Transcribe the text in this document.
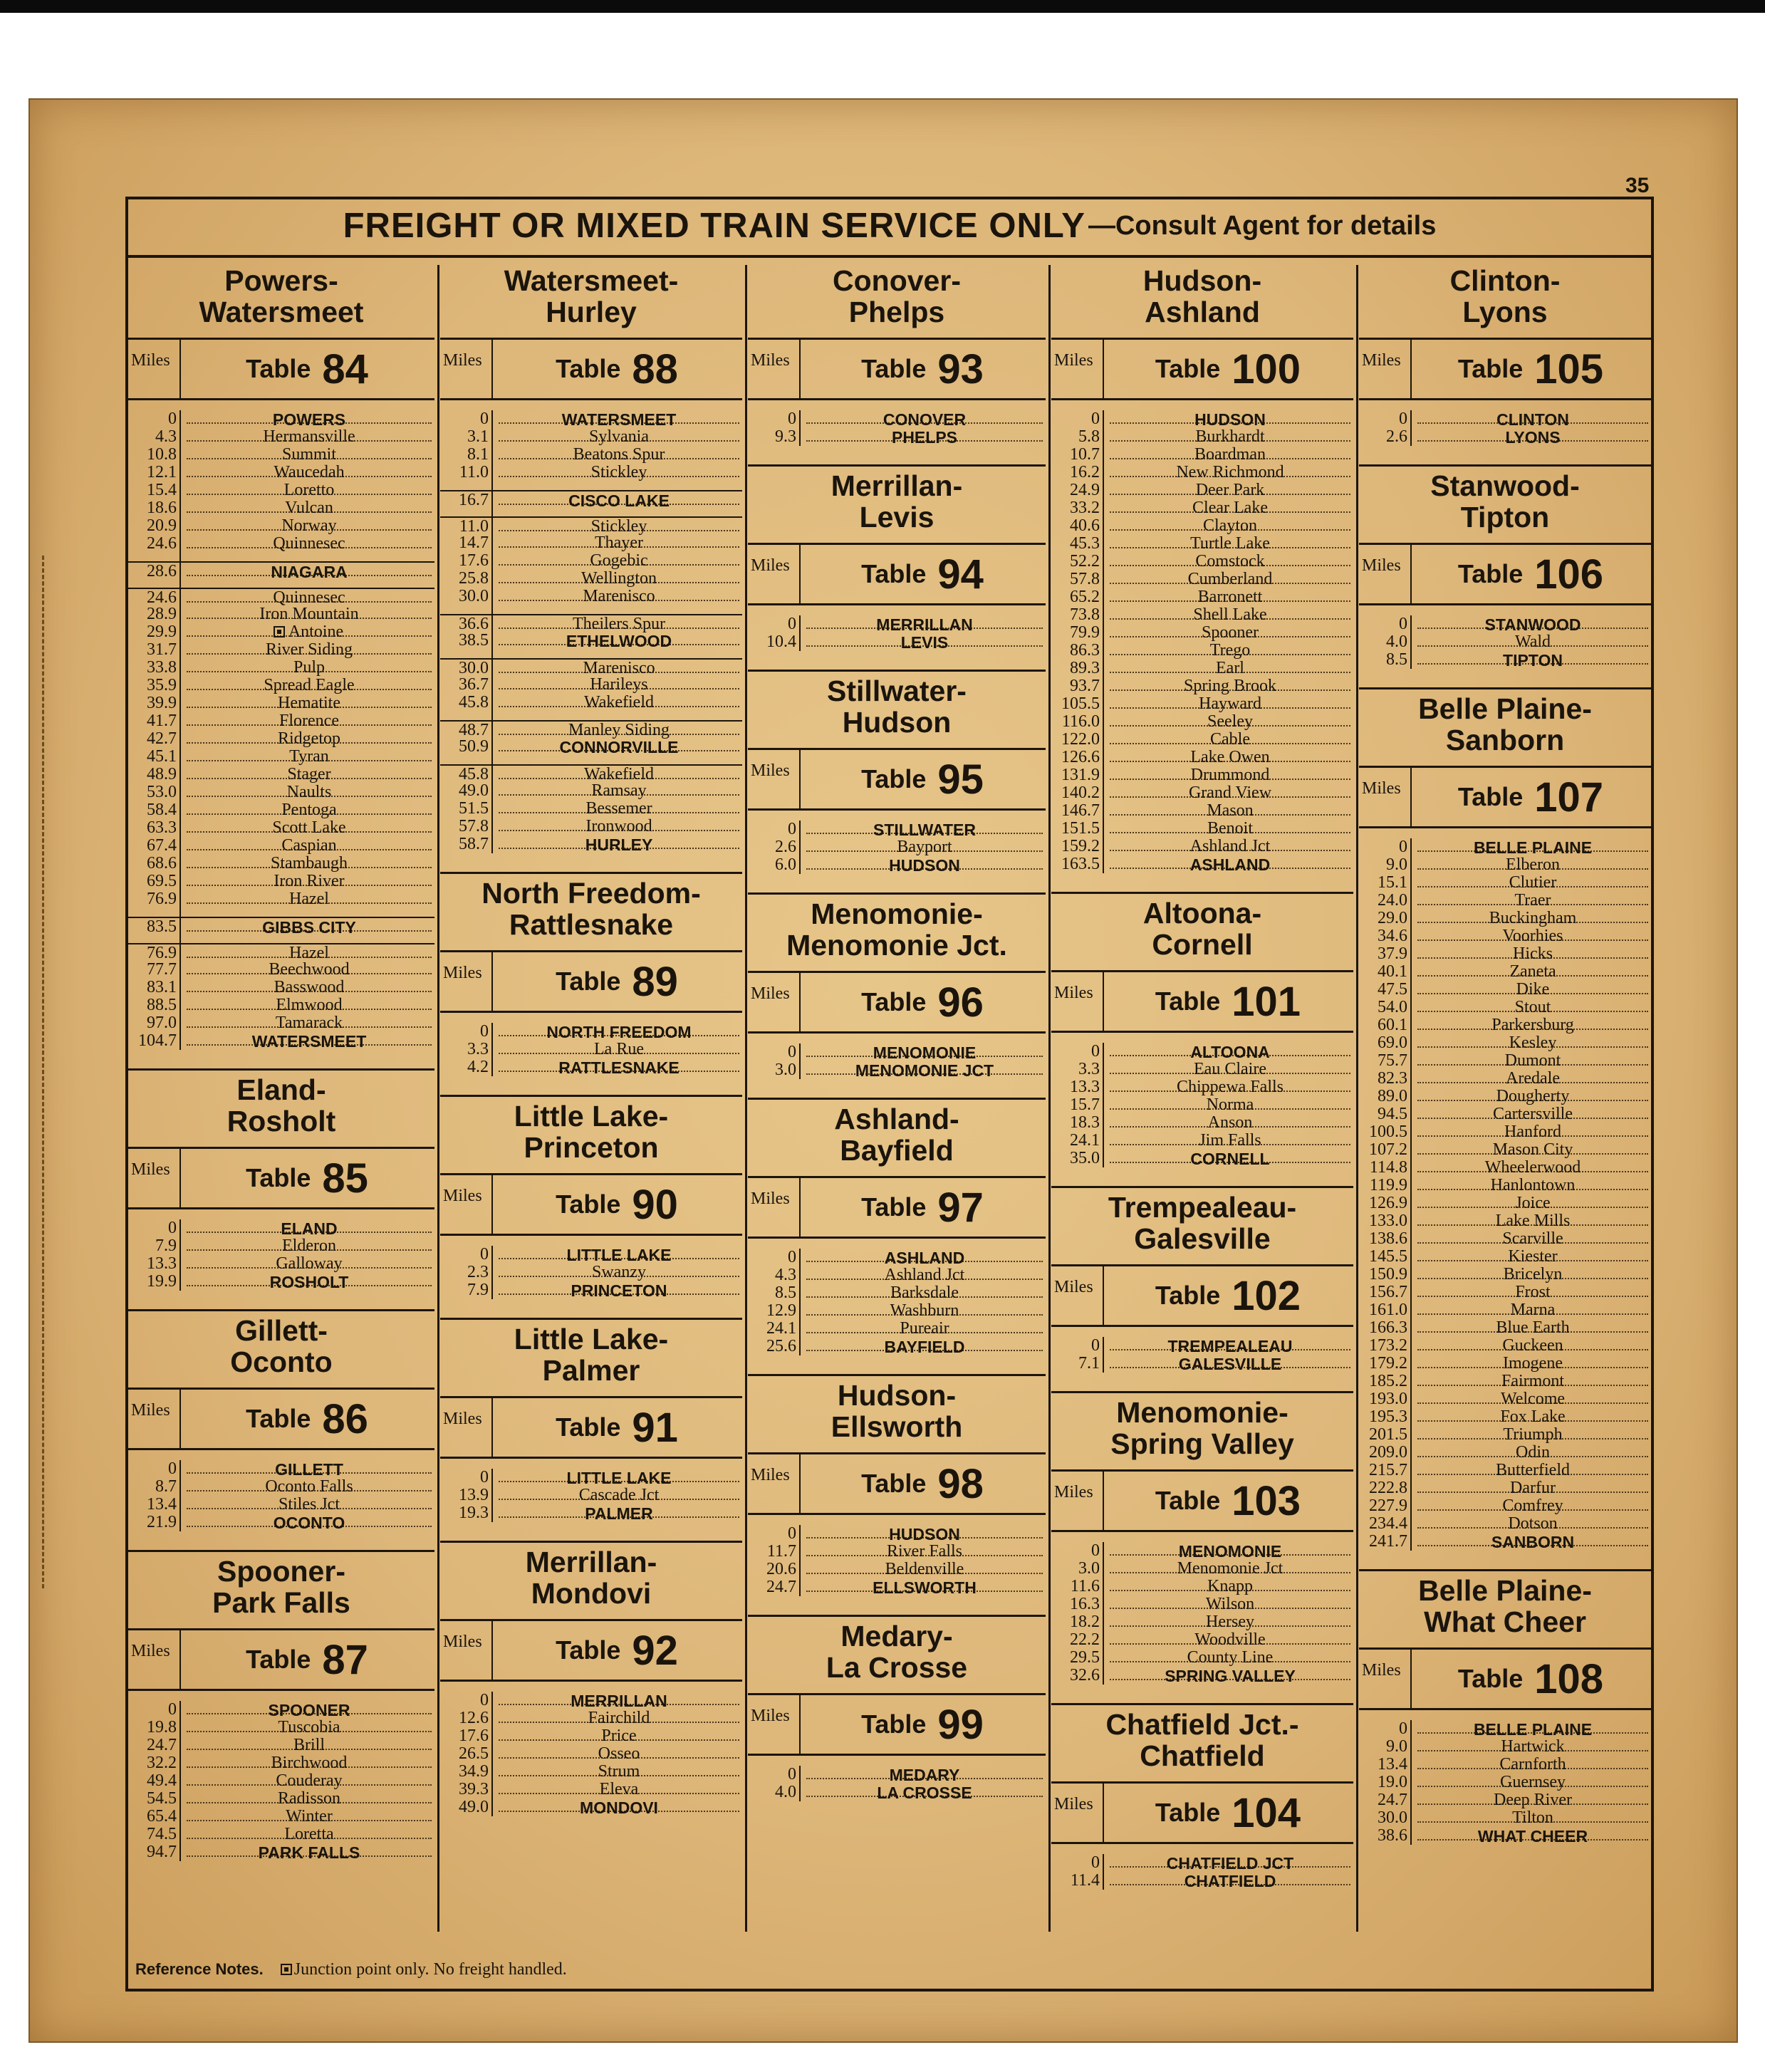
35
FREIGHT OR MIXED TRAIN SERVICE ONLY —Consult Agent for details
Powers-
Watersmeet
Miles	Table 84
0	POWERS
4.3	Hermansville
10.8	Summit
12.1	Waucedah
15.4	Loretto
18.6	Vulcan
20.9	Norway
24.6	Quinnesec
28.6	NIAGARA
24.6	Quinnesec
28.9	Iron Mountain
29.9	Antoine
31.7	River Siding
33.8	Pulp
35.9	Spread Eagle
39.9	Hematite
41.7	Florence
42.7	Ridgetop
45.1	Tyran
48.9	Stager
53.0	Naults
58.4	Pentoga
63.3	Scott Lake
67.4	Caspian
68.6	Stambaugh
69.5	Iron River
76.9	Hazel
83.5	GIBBS CITY
76.9	Hazel
77.7	Beechwood
83.1	Basswood
88.5	Elmwood
97.0	Tamarack
104.7	WATERSMEET
Eland-
Rosholt
Miles	Table 85
0	ELAND
7.9	Elderon
13.3	Galloway
19.9	ROSHOLT
Gillett-
Oconto
Miles	Table 86
0	GILLETT
8.7	Oconto Falls
13.4	Stiles Jct
21.9	OCONTO
Spooner-
Park Falls
Miles	Table 87
0	SPOONER
19.8	Tuscobia
24.7	Brill
32.2	Birchwood
49.4	Couderay
54.5	Radisson
65.4	Winter
74.5	Loretta
94.7	PARK FALLS
Watersmeet-
Hurley
Miles	Table 88
0	WATERSMEET
3.1	Sylvania
8.1	Beatons Spur
11.0	Stickley
16.7	CISCO LAKE
11.0	Stickley
14.7	Thayer
17.6	Gogebic
25.8	Wellington
30.0	Marenisco
36.6	Theilers Spur
38.5	ETHELWOOD
30.0	Marenisco
36.7	Harileys
45.8	Wakefield
48.7	Manley Siding
50.9	CONNORVILLE
45.8	Wakefield
49.0	Ramsay
51.5	Bessemer
57.8	Ironwood
58.7	HURLEY
North Freedom-
Rattlesnake
Miles	Table 89
0	NORTH FREEDOM
3.3	La Rue
4.2	RATTLESNAKE
Little Lake-
Princeton
Miles	Table 90
0	LITTLE LAKE
2.3	Swanzy
7.9	PRINCETON
Little Lake-
Palmer
Miles	Table 91
0	LITTLE LAKE
13.9	Cascade Jct
19.3	PALMER
Merrillan-
Mondovi
Miles	Table 92
0	MERRILLAN
12.6	Fairchild
17.6	Price
26.5	Osseo
34.9	Strum
39.3	Eleva
49.0	MONDOVI
Conover-
Phelps
Miles	Table 93
0	CONOVER
9.3	PHELPS
Merrillan-
Levis
Miles	Table 94
0	MERRILLAN
10.4	LEVIS
Stillwater-
Hudson
Miles	Table 95
0	STILLWATER
2.6	Bayport
6.0	HUDSON
Menomonie-
Menomonie Jct.
Miles	Table 96
0	MENOMONIE
3.0	MENOMONIE JCT
Ashland-
Bayfield
Miles	Table 97
0	ASHLAND
4.3	Ashland Jct
8.5	Barksdale
12.9	Washburn
24.1	Pureair
25.6	BAYFIELD
Hudson-
Ellsworth
Miles	Table 98
0	HUDSON
11.7	River Falls
20.6	Beldenville
24.7	ELLSWORTH
Medary-
La Crosse
Miles	Table 99
0	MEDARY
4.0	LA CROSSE
Hudson-
Ashland
Miles Table 100
0	HUDSON
5.8	Burkhardt
10.7	Boardman
16.2	New Richmond
24.9	Deer Park
33.2	Clear Lake
40.6	Clayton
45.3	Turtle Lake
52.2	Comstock
57.8	Cumberland
65.2	Barronett
73.8	Shell Lake
79.9	Spooner
86.3	Trego
89.3	Earl
93.7	Spring Brook
105.5	Hayward
116.0	Seeley
122.0	Cable
126.6	Lake Owen
131.9	Drummond
140.2	Grand View
146.7	Mason
151.5	Benoit
159.2	Ashland Jct
163.5	ASHLAND
Altoona-
Cornell
Miles Table 101
0	ALTOONA
3.3	Eau Claire
13.3	Chippewa Falls
15.7	Norma
18.3	Anson
24.1	Jim Falls
35.0	CORNELL
Trempealeau-
Galesville
Miles Table 102
0	TREMPEALEAU
7.1	GALESVILLE
Menomonie-
Spring Valley
Miles Table 103
0	MENOMONIE
3.0	Menomonie Jct
11.6	Knapp
16.3	Wilson
18.2	Hersey
22.2	Woodville
29.5	County Line
32.6	SPRING VALLEY
Chatfield Jct.-
Chatfield
Miles Table 104
0	CHATFIELD JCT
11.4	CHATFIELD
Clinton-
Lyons
Miles Table 105
0	CLINTON
2.6	LYONS
Stanwood-
Tipton
Miles Table 106
0	STANWOOD
4.0	Wald
8.5	TIPTON
Belle Plaine-
Sanborn
Miles Table 107
0	BELLE PLAINE
9.0	Elberon
15.1	Clutier
24.0	Traer
29.0	Buckingham
34.6	Voorhies
37.9	Hicks
40.1	Zaneta
47.5	Dike
54.0	Stout
60.1	Parkersburg
69.0	Kesley
75.7	Dumont
82.3	Aredale
89.0	Dougherty
94.5	Cartersville
100.5	Hanford
107.2	Mason City
114.8	Wheelerwood
119.9	Hanlontown
126.9	Joice
133.0	Lake Mills
138.6	Scarville
145.5	Kiester
150.9	Bricelyn
156.7	Frost
161.0	Marna
166.3	Blue Earth
173.2	Guckeen
179.2	Imogene
185.2	Fairmont
193.0	Welcome
195.3	Fox Lake
201.5	Triumph
209.0	Odin
215.7	Butterfield
222.8	Darfur
227.9	Comfrey
234.4	Dotson
241.7	SANBORN
Belle Plaine-
What Cheer
Miles Table 108
0	BELLE PLAINE
9.0	Hartwick
13.4	Carnforth
19.0	Guernsey
24.7	Deep River
30.0	Tilton
38.6	WHAT CHEER
Reference Notes. Junction point only. No freight handled.
